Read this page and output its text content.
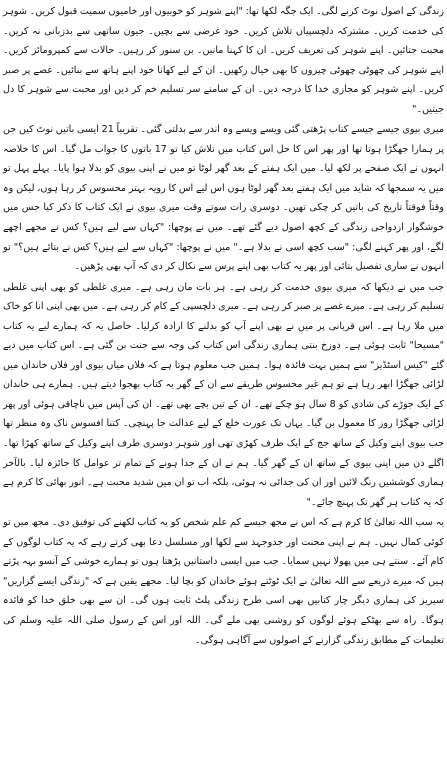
زندگی کے اصول نوٹ کرنے لگی۔ ایک جگہ لکھا تھا: "اپنے شوہر کو خوبیوں اور خامیوں سمیت قبول کریں۔ شوہر کی خدمت کریں۔ مشترکہ دلچسپیاں تلاش کریں۔ خود غرضی سے بچیں۔ جیون ساتھی سے بدزبانی نہ کریں۔ محبت جتائیں۔ اپنے شوہر کی تعریف کریں۔ ان کا کہنا مانیں۔ بن سنور کر رہیں۔ حالات سے کمپرومائز کریں۔ اپنے شوہر کی چھوٹی چھوٹی چیزوں کا بھی خیال رکھیں۔ ان کے لیے کھانا خود اپنے ہاتھ سے بنائیں۔ غصے پر صبر کریں۔ اپنے شوہر کو مجازی خدا کا درجہ دیں۔ ان کے سامنے سر تسلیم خم کر دیں اور محبت سے شوہر کا دل جیتیں۔"

میری بیوی جیسے جیسے کتاب پڑھتی گئی ویسے ویسے وہ اندر سے بدلتی گئی۔ تقریباً 21 ایسی باتیں نوٹ کیں جن پر ہمارا جھگڑا ہوتا تھا اور پھر اس کا حل اس کتاب میں تلاش کیا تو 17 باتوں کا جواب مل گیا۔ اس کا خلاصہ انہوں نے ایک صفحے پر لکھ لیا۔ میں ایک ہفتے کے بعد گھر لوٹا تو میں نے اپنی بیوی کو بدلا ہوا پایا۔ پہلے پہل تو میں یہ سمجھا کہ شاید میں ایک ہفتے بعد گھر لوٹا ہوں اس لیے اس کا رویہ بہتر محسوس کر رہا ہوں، لیکن وہ وقتاً فوقتاً تاریخ کی باتیں کر چکی تھیں۔ دوسری رات سوتے وقت میری بیوی نے ایک کتاب کا ذکر کیا جس میں خوشگوار ازدواجی زندگی کے کچھ اصول دیے گئے تھے۔ میں نے پوچھا: "کہاں سے لیے ہیں؟ کس نے مجھے اچھے لگے، اور پھر کہنے لگی: "سب کچھ اسی نے بدلا ہے۔" میں نے پوچھا: "کہاں سے لیے ہیں؟ کس نے بتائے ہیں؟" تو انہوں نے ساری تفصیل بتائی اور پھر یہ کتاب بھی اپنے پرس سے نکال کر دی کہ آپ بھی پڑھیں۔

جب میں نے دیکھا کہ میری بیوی خدمت کر رہی ہے۔ ہر بات مان رہی ہے۔ میری غلطی کو بھی اپنی غلطی تسلیم کر رہی ہے۔ میرے غصے پر صبر کر رہی ہے۔ میری دلچسپی کے کام کر رہی ہے۔ میں بھی اپنی انا کو خاک میں ملا رہا ہے۔ اس قربانی پر میں نے بھی اپنے آپ کو بدلنے کا ارادہ کرلیا۔ حاصل یہ کہ ہمارے لیے یہ کتاب "مسیحا" ثابت ہوئی ہے۔ دوزخ بنتی ہماری زندگی اس کتاب کی وجہ سے جنت بن گئی ہے۔ اس کتاب میں دیے گئے "کیس اسٹڈیز" سے ہمیں بہت فائدہ ہوا۔ ہمیں جب معلوم ہوتا ہے کہ فلاں میاں بیوی اور فلاں خاندان میں لڑائی جھگڑا ابھر رہا ہے تو ہم غیر محسوس طریقے سے ان کے گھر یہ کتاب بھجوا دیتے ہیں۔ ہمارے ہی خاندان کے ایک جوڑے کی شادی کو 8 سال ہو چکے تھے۔ ان کے تین بچے بھی تھے۔ ان کی آپس میں ناچاقی ہوئی اور پھر لڑائی جھگڑا روز کا معمول بن گیا۔ یہاں تک عورت خلع کے لیے عدالت جا پہنچی۔ کتنا افسوس ناک وہ منظر تھا جب بیوی اپنے وکیل کے ساتھ جج کے ایک طرف کھڑی تھی اور شوہر دوسری طرف اپنے وکیل کے ساتھ کھڑا تھا۔ اگلے دن میں اپنی بیوی کے ساتھ ان کے گھر گیا۔ ہم نے ان کے جدا ہونے کے تمام تر عوامل کا جائزہ لیا۔ بالآخر ہماری کوششیں رنگ لائیں اور ان کی جدائی نہ ہوئی، بلکہ اب تو ان میں شدید محبت ہے۔ انور بھائی کا کرم ہے کہ یہ کتاب ہر گھر تک پہنچ جائے۔"

یہ سب اللہ تعالیٰ کا کرم ہے کہ اس نے مجھ جیسے کم علم شخص کو یہ کتاب لکھنے کی توفیق دی۔ مجھ میں تو کوئی کمال نہیں۔ ہم نے اپنی محنت اور جدوجہد سے لکھا اور مسلسل دعا بھی کرتے رہے کہ یہ کتاب لوگوں کے کام آئے۔ سنتے ہی میں پھولا نہیں سمایا۔ جب میں ایسی داستانیں پڑھتا ہوں تو ہمارے خوشی کے آنسو بہہ پڑتے ہیں کہ میرے ذریعے سے اللہ تعالیٰ نے ایک ٹوٹتے ہوئے خاندان کو بچا لیا۔ مجھے یقین ہے کہ "زندگی ایسے گزاریں" سیریز کی ہماری دیگر چار کتابیں بھی اسی طرح زندگی پلٹ ثابت ہوں گی۔ ان سے بھی خلق خدا کو فائدہ ہوگا۔ راہ سے بھٹکے ہوئے لوگوں کو روشنی بھی ملے گی۔ اللہ اور اس کے رسول صلی اللہ علیہ وسلم کی تعلیمات کے مطابق زندگی گزارنے کے اصولوں سے آگاہی ہوگی۔
